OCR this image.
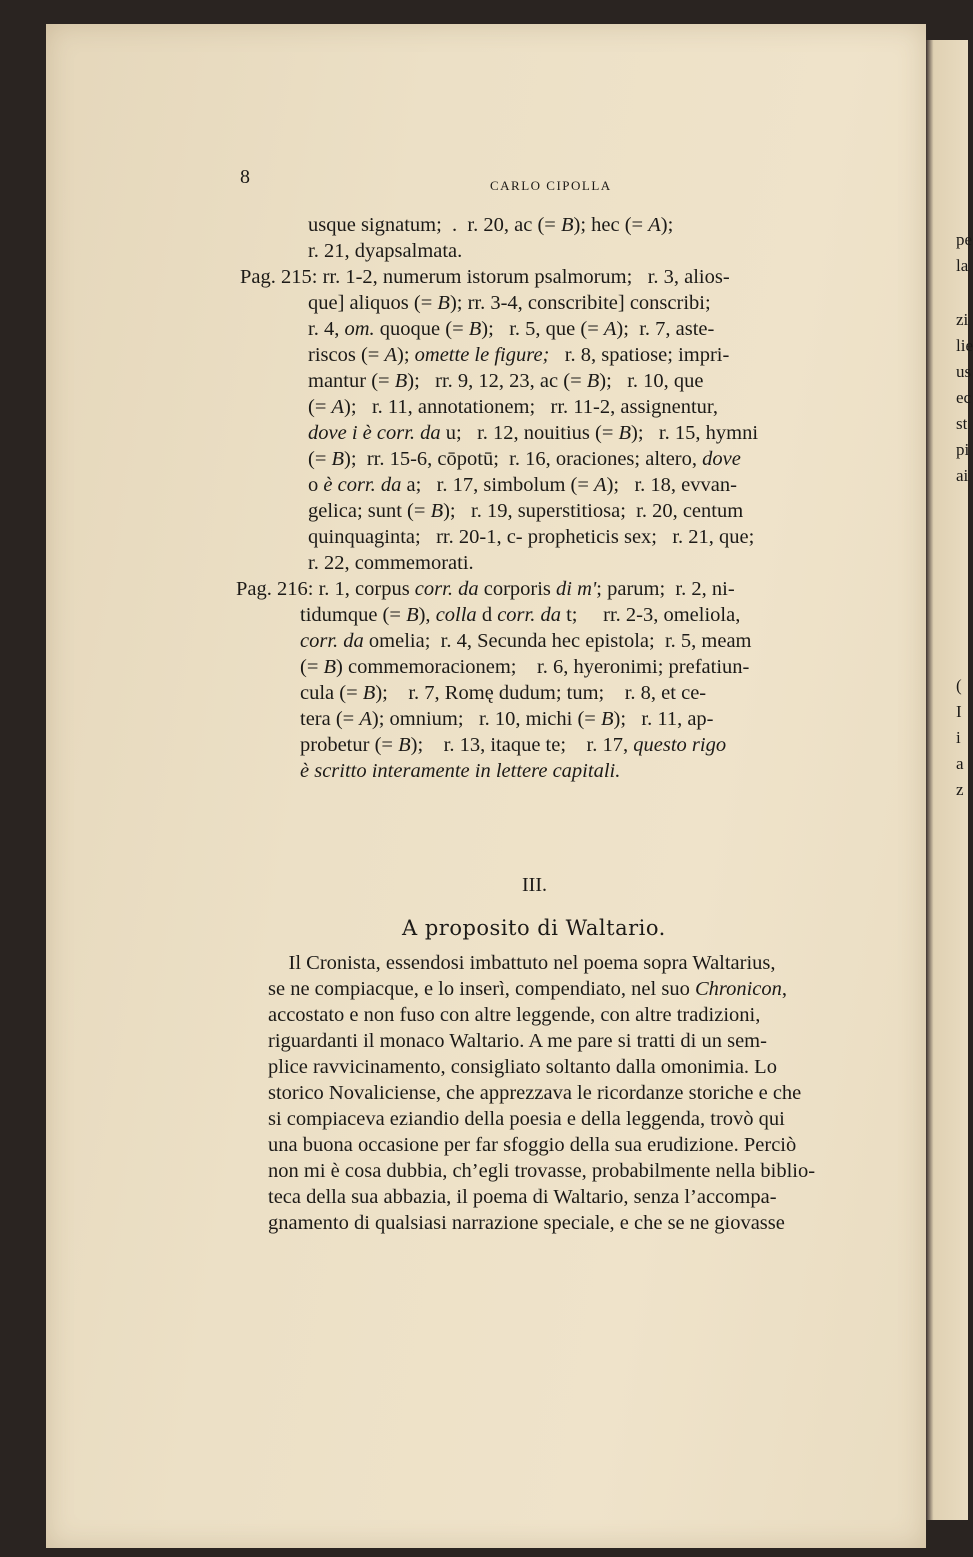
pe
la
zi
lie
us
ec
st
pi
ai
(
I
i
a
z
8	CARLO CIPOLLA
usque signatum;  .  r. 20, ac (= B); hec (= A);
r. 21, dyapsalmata.
Pag. 215: rr. 1-2, numerum istorum psalmorum;   r. 3, alios-
que] aliquos (= B); rr. 3-4, conscribite] conscribi;
r. 4, om. quoque (= B);   r. 5, que (= A);  r. 7, aste-
riscos (= A); omette le figure;   r. 8, spatiose; impri-
mantur (= B);   rr. 9, 12, 23, ac (= B);   r. 10, que
(= A);   r. 11, annotationem;   rr. 11-2, assignentur,
dove i è corr. da u;   r. 12, nouitius (= B);   r. 15, hymni
(= B);  rr. 15-6, cōpotū;  r. 16, oraciones; altero, dove
o è corr. da a;   r. 17, simbolum (= A);   r. 18, evvan-
gelica; sunt (= B);   r. 19, superstitiosa;  r. 20, centum
quinquaginta;   rr. 20-1, c- propheticis sex;   r. 21, que;
r. 22, commemorati.
Pag. 216: r. 1, corpus corr. da corporis di m'; parum;  r. 2, ni-
tidumque (= B), colla d corr. da t;     rr. 2-3, omeliola,
corr. da omelia;  r. 4, Secunda hec epistola;  r. 5, meam
(= B) commemoracionem;    r. 6, hyeronimi; prefatiun-
cula (= B);    r. 7, Romę dudum; tum;    r. 8, et ce-
tera (= A); omnium;   r. 10, michi (= B);   r. 11, ap-
probetur (= B);    r. 13, itaque te;    r. 17, questo rigo
è scritto interamente in lettere capitali.
III.
A proposito di Waltario.
Il Cronista, essendosi imbattuto nel poema sopra Waltarius,
se ne compiacque, e lo inserì, compendiato, nel suo Chronicon,
accostato e non fuso con altre leggende, con altre tradizioni,
riguardanti il monaco Waltario. A me pare si tratti di un sem-
plice ravvicinamento, consigliato soltanto dalla omonimia. Lo
storico Novaliciense, che apprezzava le ricordanze storiche e che
si compiaceva eziandio della poesia e della leggenda, trovò qui
una buona occasione per far sfoggio della sua erudizione. Perciò
non mi è cosa dubbia, ch’egli trovasse, probabilmente nella biblio-
teca della sua abbazia, il poema di Waltario, senza l’accompa-
gnamento di qualsiasi narrazione speciale, e che se ne giovasse
